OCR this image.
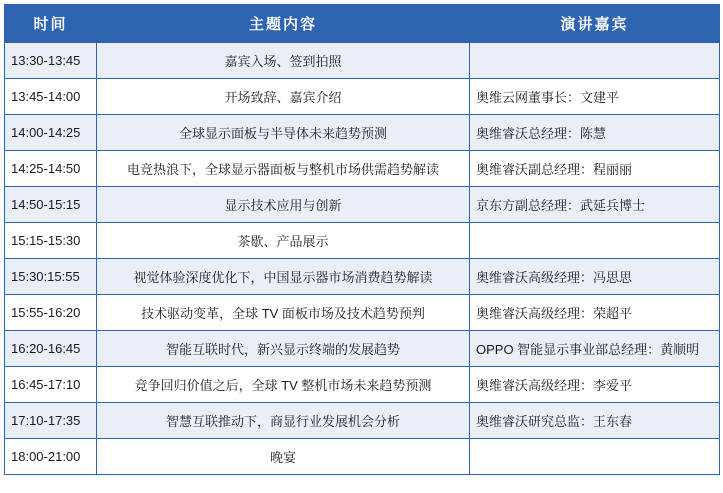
时间	主题内容	演讲嘉宾
13:30-13:45	嘉宾入场、签到拍照	
13:45-14:00	开场致辞、嘉宾介绍	奥维云网董事长：文建平
14:00-14:25	全球显示面板与半导体未来趋势预测	奥维睿沃总经理：陈慧
14:25-14:50	电竞热浪下，全球显示器面板与整机市场供需趋势解读	奥维睿沃副总经理：程丽丽
14:50-15:15	显示技术应用与创新	京东方副总经理：武延兵博士
15:15-15:30	茶歇、产品展示	
15:30:15:55	视觉体验深度优化下，中国显示器市场消费趋势解读	奥维睿沃高级经理：冯思思
15:55-16:20	技术驱动变革，全球 TV 面板市场及技术趋势预判	奥维睿沃高级经理：荣超平
16:20-16:45	智能互联时代，新兴显示终端的发展趋势	OPPO 智能显示事业部总经理：黄顺明
16:45-17:10	竞争回归价值之后，全球 TV 整机市场未来趋势预测	奥维睿沃高级经理：李爱平
17:10-17:35	智慧互联推动下，商显行业发展机会分析	奥维睿沃研究总监：王东春
18:00-21:00	晚宴	
